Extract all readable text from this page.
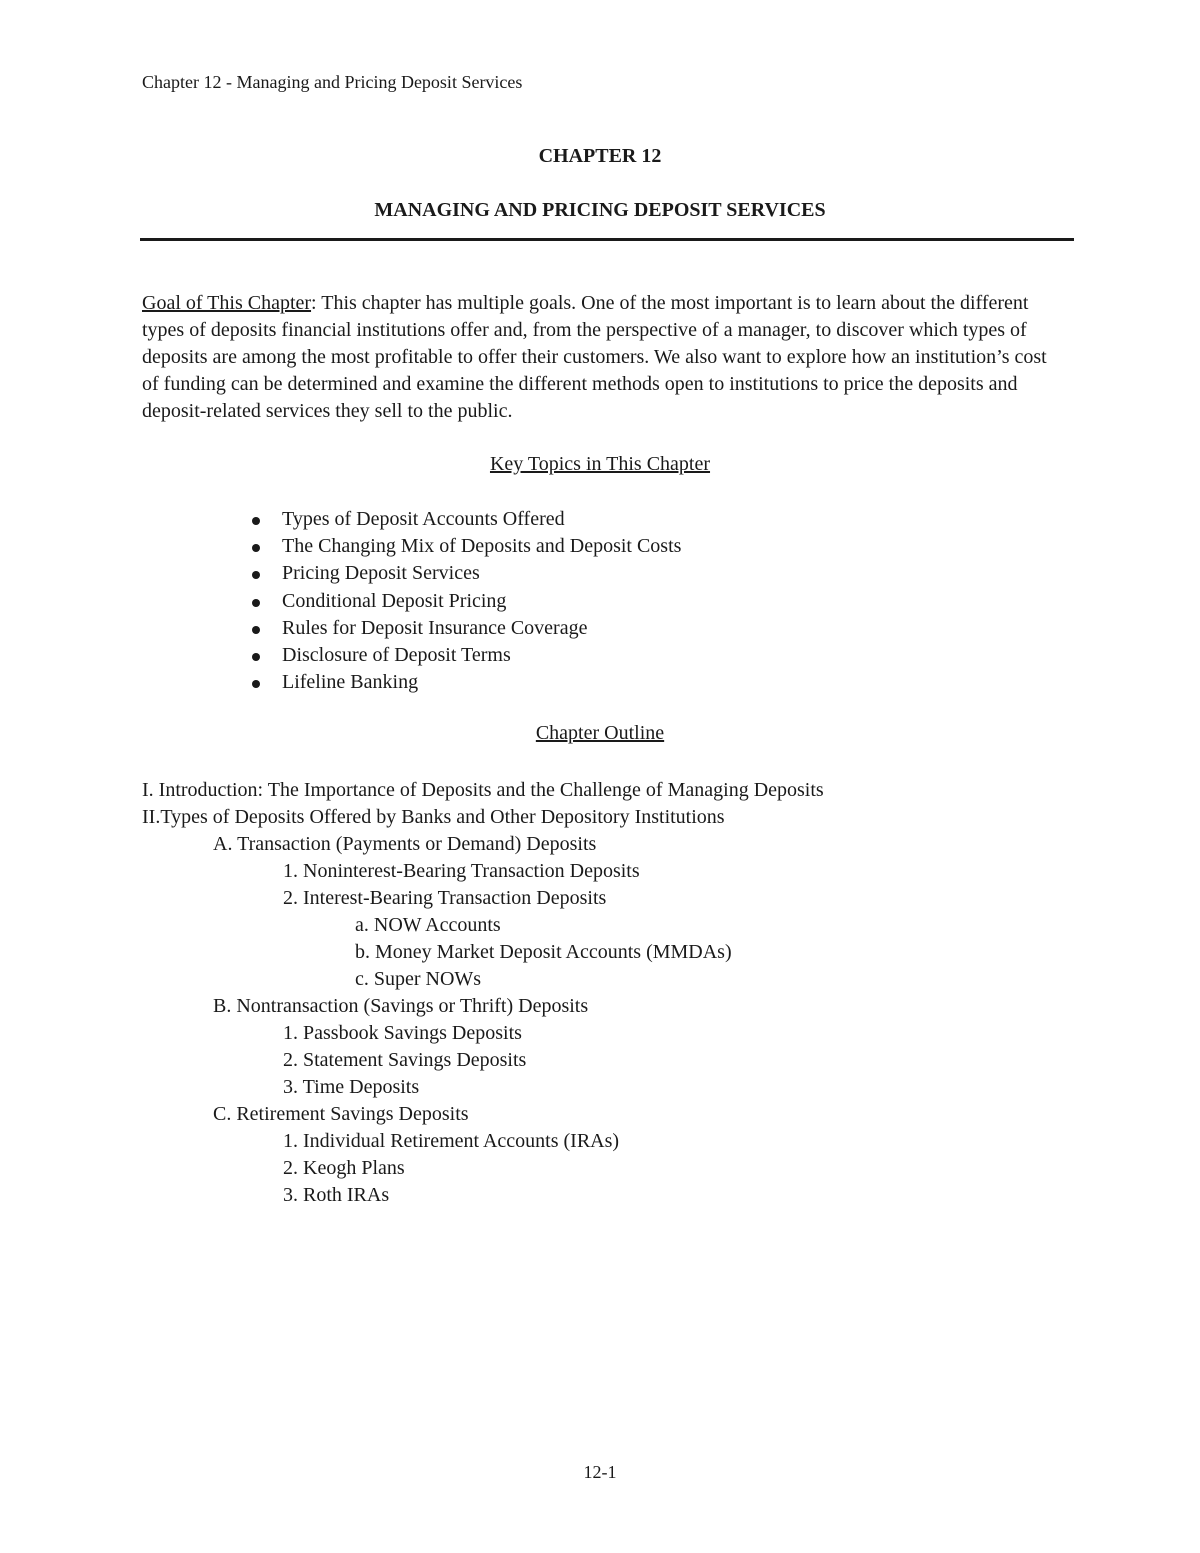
Chapter 12 - Managing and Pricing Deposit Services
CHAPTER 12
MANAGING AND PRICING DEPOSIT SERVICES
Goal of This Chapter: This chapter has multiple goals. One of the most important is to learn about the different types of deposits financial institutions offer and, from the perspective of a manager, to discover which types of deposits are among the most profitable to offer their customers. We also want to explore how an institution’s cost of funding can be determined and examine the different methods open to institutions to price the deposits and deposit-related services they sell to the public.
Key Topics in This Chapter
Types of Deposit Accounts Offered
The Changing Mix of Deposits and Deposit Costs
Pricing Deposit Services
Conditional Deposit Pricing
Rules for Deposit Insurance Coverage
Disclosure of Deposit Terms
Lifeline Banking
Chapter Outline
I. Introduction: The Importance of Deposits and the Challenge of Managing Deposits
II.Types of Deposits Offered by Banks and Other Depository Institutions
A. Transaction (Payments or Demand) Deposits
1. Noninterest-Bearing Transaction Deposits
2. Interest-Bearing Transaction Deposits
a. NOW Accounts
b. Money Market Deposit Accounts (MMDAs)
c. Super NOWs
B. Nontransaction (Savings or Thrift) Deposits
1. Passbook Savings Deposits
2. Statement Savings Deposits
3. Time Deposits
C. Retirement Savings Deposits
1. Individual Retirement Accounts (IRAs)
2. Keogh Plans
3. Roth IRAs
12-1
